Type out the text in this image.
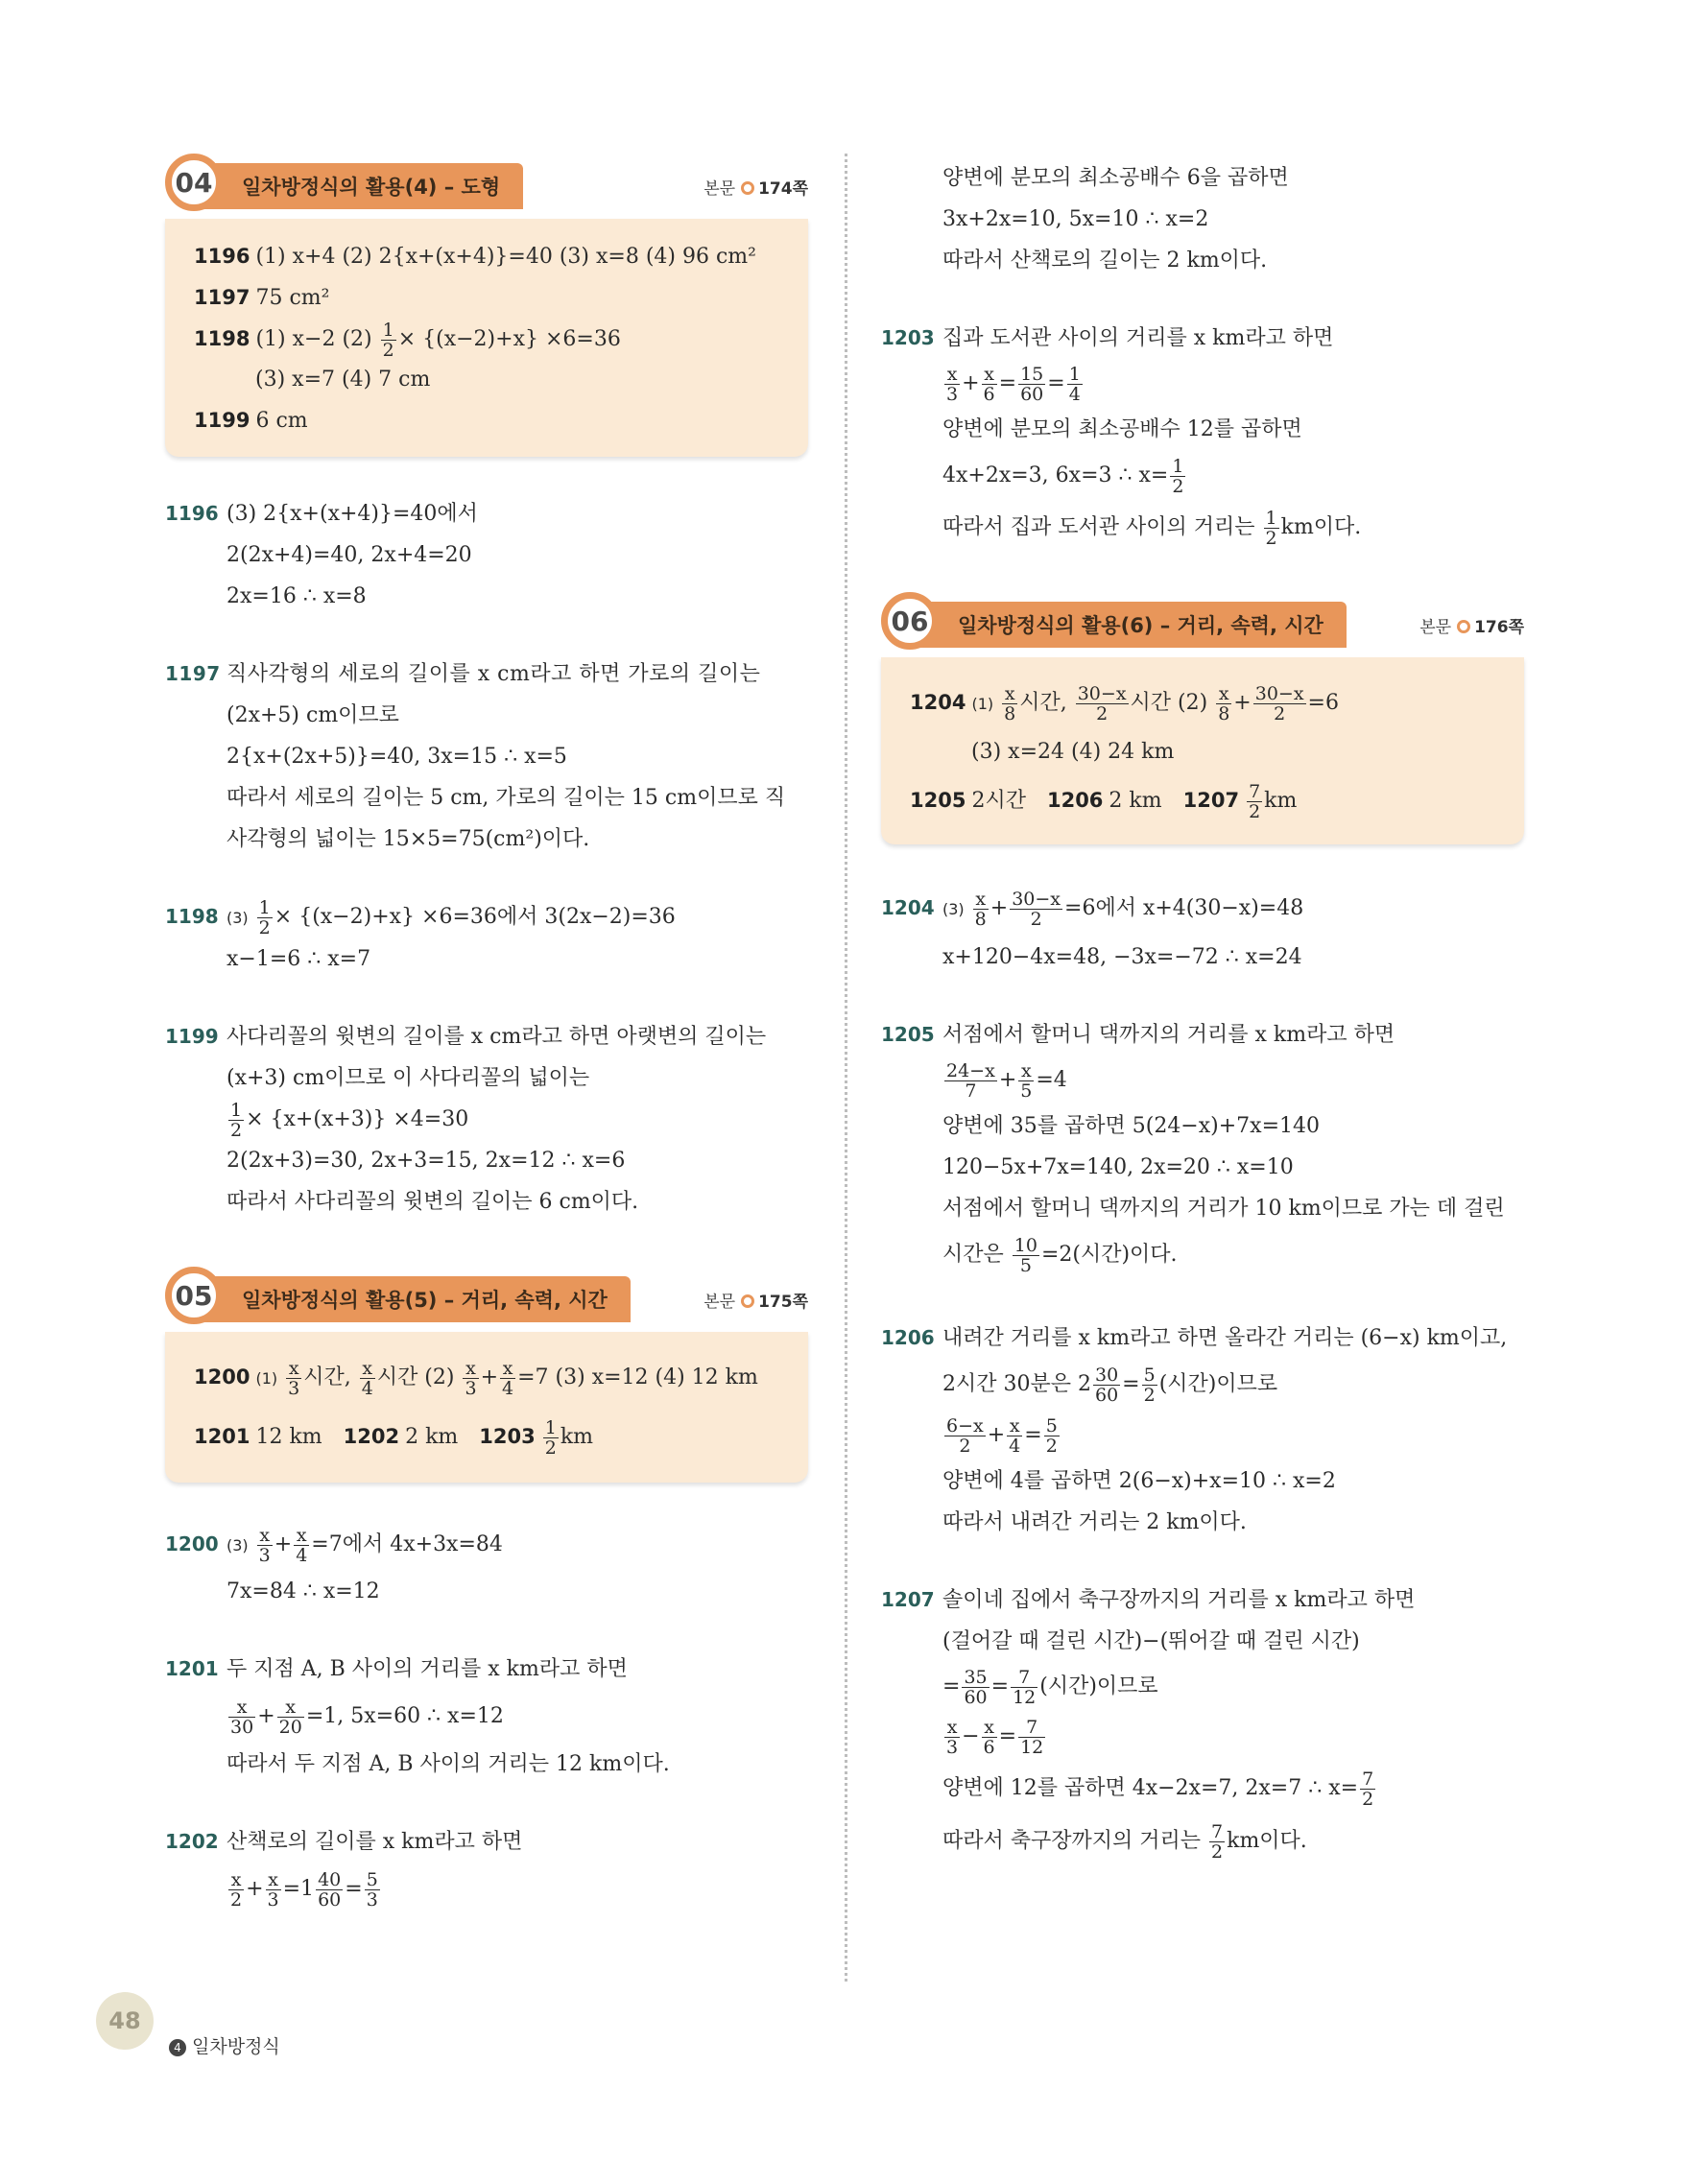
04	일차방정식의 활용(4) – 도형	본문 174쪽
1196 (1) x+4 (2) 2{x+(x+4)}=40 (3) x=8 (4) 96 cm²
1197 75 cm²
1198 (1) x−2 $(2) \frac{1}{2} \times \{(x-2)+x\} \times 6=36$
(3) x=7 (4) 7 cm
1199 6 cm
1196 (3) 2{x+(x+4)}=40에서
2(2x+4)=40, 2x+4=20
2x=16 ∴ x=8
1197 직사각형의 세로의 길이를 x cm라고 하면 가로의 길이는
(2x+5) cm이므로
2{x+(2x+5)}=40, 3x=15 ∴ x=5
따라서 세로의 길이는 5 cm, 가로의 길이는 15 cm이므로 직
사각형의 넓이는 15×5=75(cm²)이다.
1198 $(3) \frac{1}{2} \times \{(x-2)+x\} \times 6=36$에서 3(2x−2)=36
x−1=6 ∴ x=7
1199 사다리꼴의 윗변의 길이를 x cm라고 하면 아랫변의 길이는
(x+3) cm이므로 이 사다리꼴의 넓이는
$\frac{1}{2} \times \{x+(x+3)\} \times 4=30$
2(2x+3)=30, 2x+3=15, 2x=12 ∴ x=6
따라서 사다리꼴의 윗변의 길이는 6 cm이다.
05	일차방정식의 활용(5) – 거리, 속력, 시간	본문 175쪽
1200 $(1) \frac{x}{3}$ 시간, $\frac{x}{4}$ 시간 $(2) \frac{x}{3} + \frac{x}{4} =7$ (3) x=12 (4) 12 km
1201 12 km 1202 2 km $1203 \frac{1}{2}$ km
1200 $(3) \frac{x}{3} + \frac{x}{4} =7$에서 4x+3x=84
7x=84 ∴ x=12
1201 두 지점 A, B 사이의 거리를 x km라고 하면
$\frac{x}{30} + \frac{x}{20} =1$, 5x=60 ∴ x=12
따라서 두 지점 A, B 사이의 거리는 12 km이다.
1202 산책로의 길이를 x km라고 하면
$\frac{x}{2} + \frac{x}{3} =1 \frac{40}{60} = \frac{5}{3}$
양변에 분모의 최소공배수 6을 곱하면
3x+2x=10, 5x=10 ∴ x=2
따라서 산책로의 길이는 2 km이다.
1203 집과 도서관 사이의 거리를 x km라고 하면
$\frac{x}{3} + \frac{x}{6} = \frac{15}{60} = \frac{1}{4}$
양변에 분모의 최소공배수 12를 곱하면
4x+2x=3, 6x=3 ∴ $x= \frac{1}{2}$
따라서 집과 도서관 사이의 거리는 $\frac{1}{2}$ km이다.
06	일차방정식의 활용(6) – 거리, 속력, 시간	본문 176쪽
1204 $(1) \frac{x}{8}$ 시간, $\frac{30-x}{2}$ 시간 $(2) \frac{x}{8} + \frac{30-x}{2} =6$
(3) x=24 (4) 24 km
1205 2시간 1206 2 km $1207 \frac{7}{2}$ km
1204 $(3) \frac{x}{8} + \frac{30-x}{2} =6$에서 x+4(30−x)=48
x+120−4x=48, −3x=−72 ∴ x=24
1205 서점에서 할머니 댁까지의 거리를 x km라고 하면
$\frac{24-x}{7} + \frac{x}{5} =4$
양변에 35를 곱하면 5(24−x)+7x=140
120−5x+7x=140, 2x=20 ∴ x=10
서점에서 할머니 댁까지의 거리가 10 km이므로 가는 데 걸린
시간은 $\frac{10}{5} =2$(시간)이다.
1206 내려간 거리를 x km라고 하면 올라간 거리는 (6−x) km이고,
2시간 30분은 $2 \frac{30}{60} = \frac{5}{2}$ (시간)이므로
$\frac{6-x}{2} + \frac{x}{4} = \frac{5}{2}$
양변에 4를 곱하면 2(6−x)+x=10 ∴ x=2
따라서 내려간 거리는 2 km이다.
1207 솔이네 집에서 축구장까지의 거리를 x km라고 하면
(걸어갈 때 걸린 시간)−(뛰어갈 때 걸린 시간)
= $\frac{35}{60} = \frac{7}{12}$ (시간)이므로
$\frac{x}{3} - \frac{x}{6} = \frac{7}{12}$
양변에 12를 곱하면 4x−2x=7, 2x=7 ∴ $x= \frac{7}{2}$
따라서 축구장까지의 거리는 $\frac{7}{2}$ km이다.
48
4 일차방정식
